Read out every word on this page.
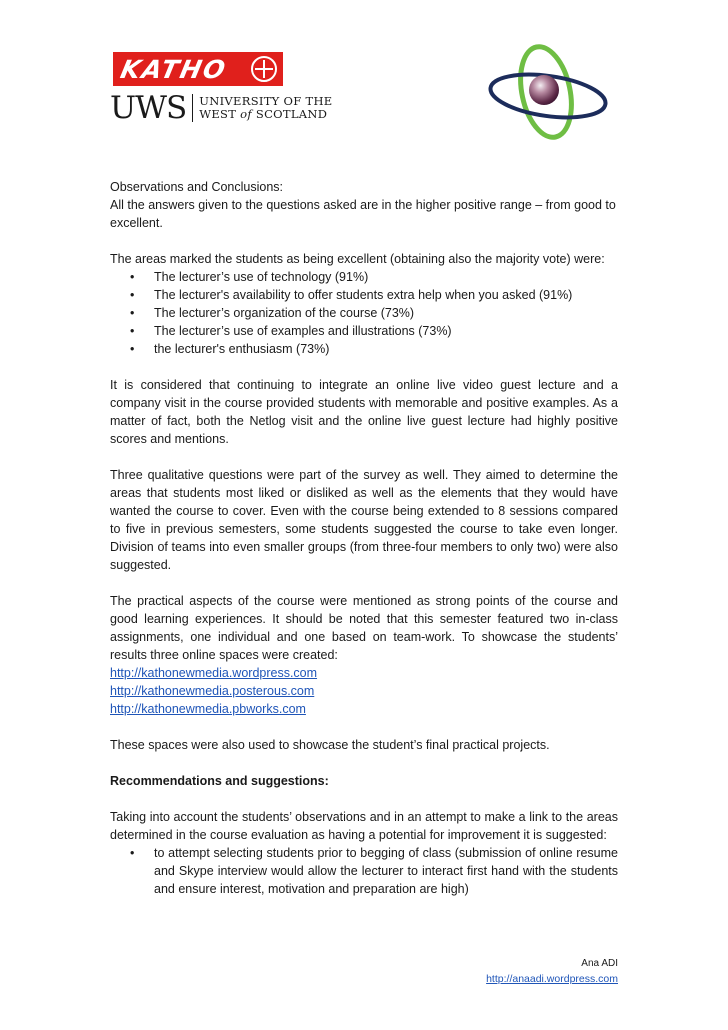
KATHO
UWS UNIVERSITY OF THE
WEST of SCOTLAND

Observations and Conclusions:
All the answers given to the questions asked are in the higher positive range – from good to excellent.

The areas marked the students as being excellent (obtaining also the majority vote) were:

• The lecturer’s use of technology (91%)
• The lecturer's availability to offer students extra help when you asked (91%)
• The lecturer’s organization of the course (73%)
• The lecturer’s use of examples and illustrations (73%)
• the lecturer's enthusiasm (73%)

It is considered that continuing to integrate an online live video guest lecture and a company visit in the course provided students with memorable and positive examples. As a matter of fact, both the Netlog visit and the online live guest lecture had highly positive scores and mentions.

Three qualitative questions were part of the survey as well. They aimed to determine the areas that students most liked or disliked as well as the elements that they would have wanted the course to cover. Even with the course being extended to 8 sessions compared to five in previous semesters, some students suggested the course to take even longer. Division of teams into even smaller groups (from three-four members to only two) were also suggested.

The practical aspects of the course were mentioned as strong points of the course and good learning experiences. It should be noted that this semester featured two in-class assignments, one individual and one based on team-work. To showcase the students’ results three online spaces were created:

http://kathonewmedia.wordpress.com
http://kathonewmedia.posterous.com
http://kathonewmedia.pbworks.com

These spaces were also used to showcase the student’s final practical projects.

Recommendations and suggestions:

Taking into account the students’ observations and in an attempt to make a link to the areas determined in the course evaluation as having a potential for improvement it is suggested:

• to attempt selecting students prior to begging of class (submission of online resume and Skype interview would allow the lecturer to interact first hand with the students and ensure interest, motivation and preparation are high)
Ana ADI
http://anaadi.wordpress.com
